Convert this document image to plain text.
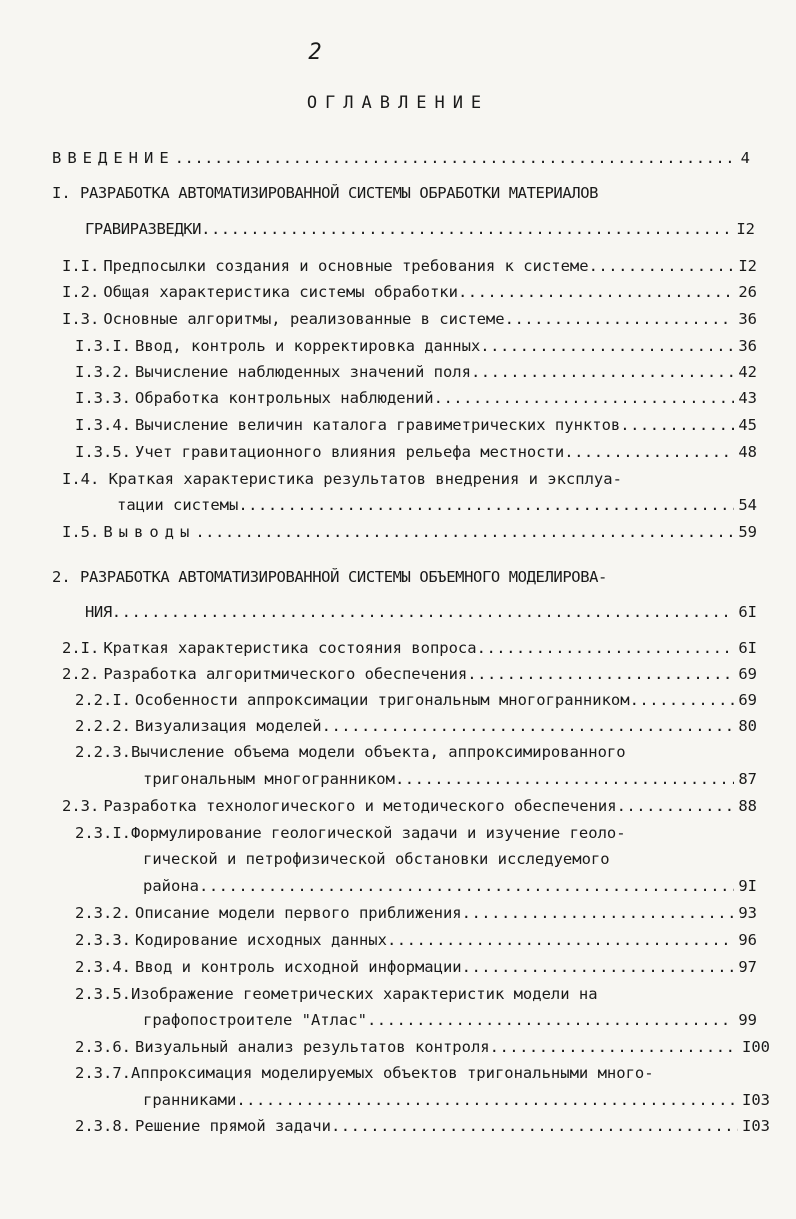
2
ОГЛАВЛЕНИЕ
ВВЕДЕНИЕ .....	4
I. РАЗРАБОТКА АВТОМАТИЗИРОВАННОЙ СИСТЕМЫ ОБРАБОТКИ МАТЕРИАЛОВ
ГРАВИРАЗВЕДКИ .....	I2
I.I. Предпосылки создания и основные требования к системе .....	I2
I.2. Общая характеристика системы обработки .....	26
I.3. Основные алгоритмы, реализованные в системе .....	36
I.3.I. Ввод, контроль и корректировка данных .....	36
I.3.2. Вычисление наблюденных значений поля .....	42
I.3.3. Обработка контрольных наблюдений .....	43
I.3.4. Вычисление величин каталога гравиметрических пунктов .....	45
I.3.5. Учет гравитационного влияния рельефа местности .....	48
I.4. Краткая характеристика результатов внедрения и эксплуа-
тации системы .....	54
I.5. Выводы .....	59
2. РАЗРАБОТКА АВТОМАТИЗИРОВАННОЙ СИСТЕМЫ ОБЪЕМНОГО МОДЕЛИРОВА-
НИЯ .....	6I
2.I. Краткая характеристика состояния вопроса .....	6I
2.2. Разработка алгоритмического обеспечения .....	69
2.2.I. Особенности аппроксимации тригональным многогранником .....	69
2.2.2. Визуализация моделей .....	80
2.2.3.Вычисление объема модели объекта, аппроксимированного
тригональным многогранником .....	87
2.3. Разработка технологического и методического обеспечения .....	88
2.3.I.Формулирование геологической задачи и изучение геоло-
гической и петрофизической обстановки исследуемого
района .....	9I
2.3.2. Описание модели первого приближения .....	93
2.3.3. Кодирование исходных данных .....	96
2.3.4. Ввод и контроль исходной информации .....	97
2.3.5.Изображение геометрических характеристик модели на
графопостроителе "Атлас" .....	99
2.3.6. Визуальный анализ результатов контроля .....	I00
2.3.7.Аппроксимация моделируемых объектов тригональными много-
гранниками .....	I03
2.3.8. Решение прямой задачи .....	I03
